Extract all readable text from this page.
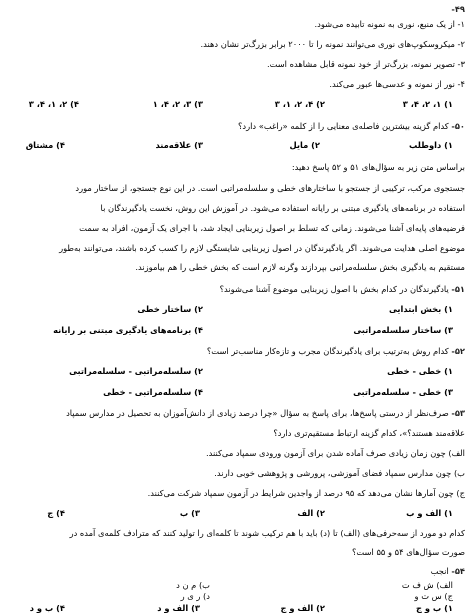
۴۹-
۱- از یک منبع، نوری به نمونه تابیده می‌شود.
۲- میکروسکوپ‌های نوری می‌توانند نمونه را تا ۲۰۰۰ برابر بزرگ‌تر نشان دهند.
۳- تصویر نمونه، بزرگ‌تر از خود نمونه قابل مشاهده است.
۴- نور از نمونه و عدسی‌ها عبور می‌کند.
۱) ۱، ۲، ۴، ۳
۲) ۴، ۲، ۱، ۳
۳) ۳، ۲، ۴، ۱
۴) ۲، ۱، ۴، ۳
۵۰- کدام گزینه بیشترین فاصله‌ی معنایی را از کلمه «راغب» دارد؟
۱) داوطلب
۲) مایل
۳) علاقه‌مند
۴) مشتاق
براساس متن زیر به سؤال‌های ۵۱ و ۵۲ پاسخ دهید:
جستجوی مرکب، ترکیبی از جستجو با ساختارهای خطی و سلسله‌مراتبی است. در این نوع جستجو، از ساختار مورد
استفاده در برنامه‌های یادگیری مبتنی بر رایانه استفاده می‌شود. در آموزش این روش، نخست یادگیرندگان با
فرضیه‌های پایه‌ای آشنا می‌شوند. زمانی که تسلط بر اصول زیربنایی ایجاد شد، با اجرای یک آزمون، افراد به سمت
موضوع اصلی هدایت می‌شوند. اگر یادگیرندگان در اصول زیربنایی شایستگی لازم را کسب کرده باشند، می‌توانند به‌طور
مستقیم به یادگیری بخش سلسله‌مراتبی بپردازند وگرنه لازم است که بخش خطی را هم بیاموزند.
۵۱- یادگیرندگان در کدام بخش با اصول زیربنایی موضوع آشنا می‌شوند؟
۱) بخش ابتدایی
۲) ساختار خطی
۳) ساختار سلسله‌مراتبی
۴) برنامه‌های یادگیری مبتنی بر رایانه
۵۲- کدام روش به‌ترتیب برای یادگیرندگان مجرب و تازه‌کار مناسب‌تر است؟
۱) خطی - خطی
۲) سلسله‌مراتبی - سلسله‌مراتبی
۳) خطی - سلسله‌مراتبی
۴) سلسله‌مراتبی - خطی
۵۳- صرف‌نظر از درستی پاسخ‌ها، برای پاسخ به سؤال «چرا درصد زیادی از دانش‌آموزان به تحصیل در مدارس سمپاد
علاقه‌مند هستند؟»، کدام گزینه ارتباط مستقیم‌تری دارد؟
الف) چون زمان زیادی صرف آماده شدن برای آزمون ورودی سمپاد می‌کنند.
ب) چون مدارس سمپاد فضای آموزشی، پرورشی و پژوهشی خوبی دارند.
ج) چون آمارها نشان می‌دهد که ۹۵ درصد از واجدین شرایط در آزمون سمپاد شرکت می‌کنند.
۱) الف و ب
۲) الف
۳) ب
۴) ج
کدام دو مورد از سه‌حرفی‌های (الف) تا (د) باید با هم ترکیب شوند تا کلمه‌ای را تولید کنند که مترادف کلمه‌ی آمده در
صورت سؤال‌های ۵۴ و ۵۵ است؟
۵۴- انجب
الف) ش ف ت
ب) م ن د
ج) س ت و
د) ر ی ر
۱) ب و ج
۲) الف و ج
۳) الف و د
۴) ب و د
